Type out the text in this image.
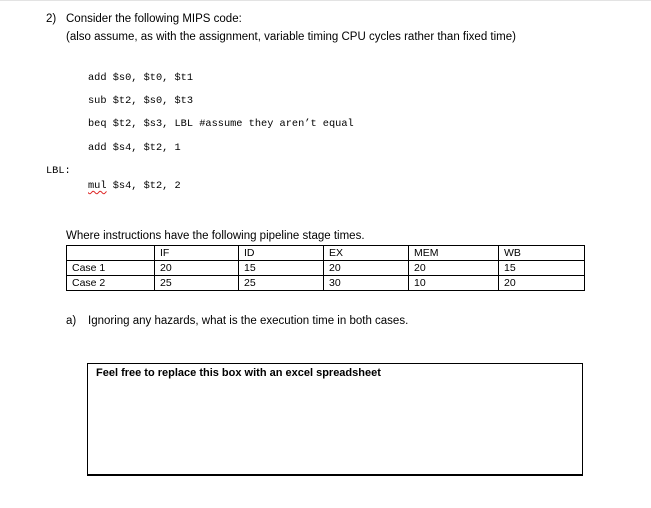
2) Consider the following MIPS code:
(also assume, as with the assignment, variable timing CPU cycles rather than fixed time)
add $s0, $t0, $t1
sub $t2, $s0, $t3
beq $t2, $s3, LBL #assume they aren’t equal
add $s4, $t2, 1
LBL:
mul $s4, $t2, 2
Where instructions have the following pipeline stage times.
	IF	ID	EX	MEM	WB
Case 1	20	15	20	20	15
Case 2	25	25	30	10	20
a) Ignoring any hazards, what is the execution time in both cases.
Feel free to replace this box with an excel spreadsheet
